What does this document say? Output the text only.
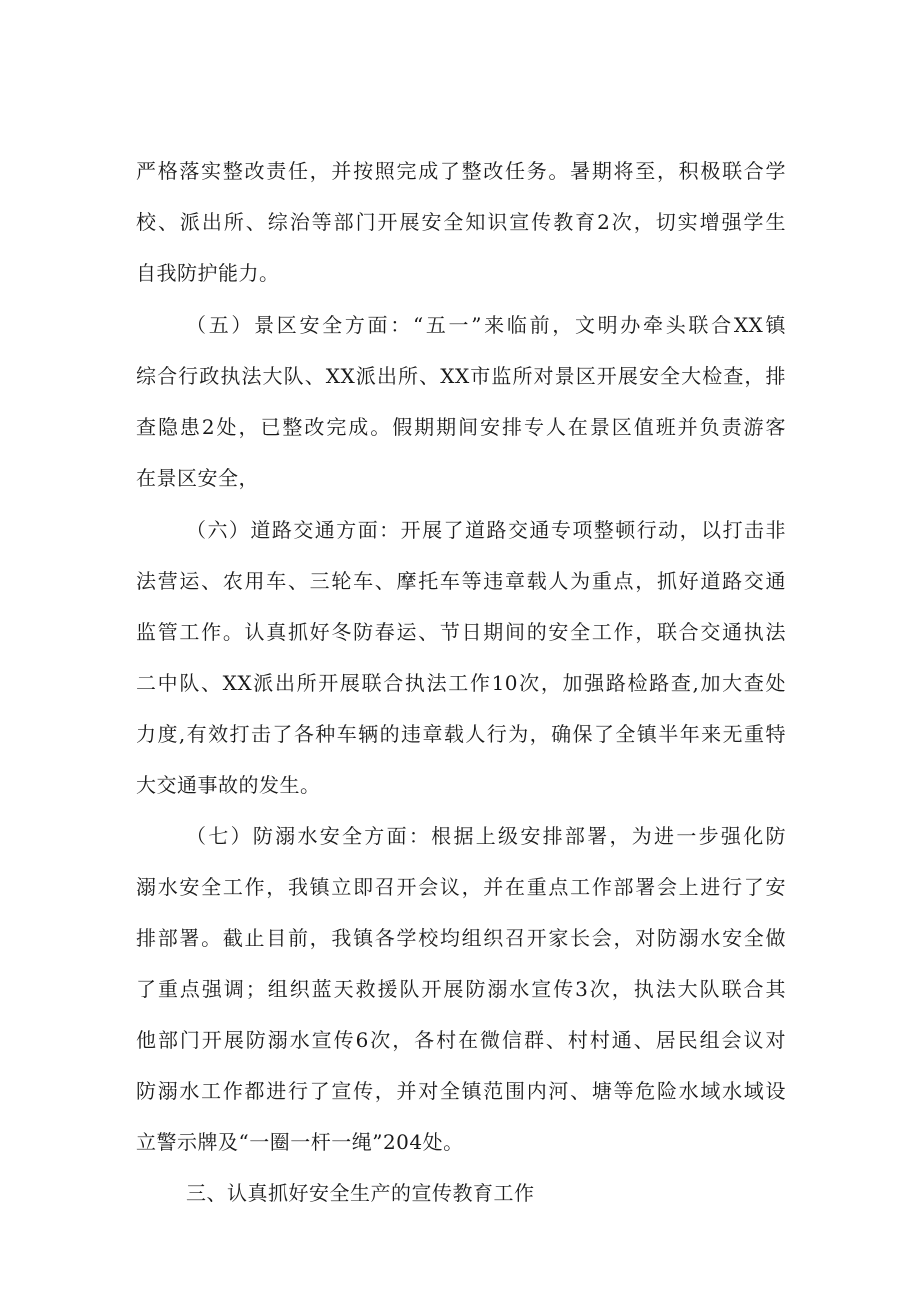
严格落实整改责任，并按照完成了整改任务。暑期将至，积极联合学
校、派出所、综治等部门开展安全知识宣传教育2次，切实增强学生
自我防护能力。
（五）景区安全方面：“五一”来临前，文明办牵头联合XX镇
综合行政执法大队、XX派出所、XX市监所对景区开展安全大检查，排
查隐患2处，已整改完成。假期期间安排专人在景区值班并负责游客
在景区安全，
（六）道路交通方面：开展了道路交通专项整顿行动，以打击非
法营运、农用车、三轮车、摩托车等违章载人为重点，抓好道路交通
监管工作。认真抓好冬防春运、节日期间的安全工作，联合交通执法
二中队、XX派出所开展联合执法工作10次，加强路检路查,加大查处
力度,有效打击了各种车辆的违章载人行为，确保了全镇半年来无重特
大交通事故的发生。
（七）防溺水安全方面：根据上级安排部署，为进一步强化防
溺水安全工作，我镇立即召开会议，并在重点工作部署会上进行了安
排部署。截止目前，我镇各学校均组织召开家长会，对防溺水安全做
了重点强调；组织蓝天救援队开展防溺水宣传3次，执法大队联合其
他部门开展防溺水宣传6次，各村在微信群、村村通、居民组会议对
防溺水工作都进行了宣传，并对全镇范围内河、塘等危险水域水域设
立警示牌及“一圈一杆一绳”204处。
三、认真抓好安全生产的宣传教育工作
